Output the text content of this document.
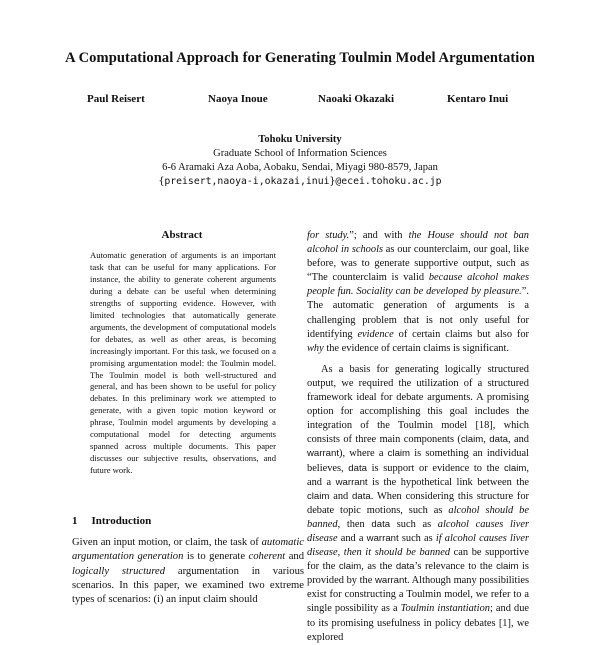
A Computational Approach for Generating Toulmin Model Argumentation
Paul Reisert	Naoya Inoue	Naoaki Okazaki	Kentaro Inui
Tohoku University
Graduate School of Information Sciences
6-6 Aramaki Aza Aoba, Aobaku, Sendai, Miyagi 980-8579, Japan
{preisert,naoya-i,okazai,inui}@ecei.tohoku.ac.jp
Abstract
Automatic generation of arguments is an important task that can be useful for many applications. For instance, the ability to generate coherent arguments during a debate can be useful when determining strengths of supporting evidence. However, with limited technologies that automatically generate arguments, the development of computational models for debates, as well as other areas, is becoming increasingly important. For this task, we focused on a promising argumentation model: the Toulmin model. The Toulmin model is both well-structured and general, and has been shown to be useful for policy debates. In this preliminary work we attempted to generate, with a given topic motion keyword or phrase, Toulmin model arguments by developing a computational model for detecting arguments spanned across multiple documents. This paper discusses our subjective results, observations, and future work.
1 Introduction
Given an input motion, or claim, the task of automatic argumentation generation is to generate coherent and logically structured argumentation in various scenarios. In this paper, we examined two extreme types of scenarios: (i) an input claim should

for study.”; and with the House should not ban alcohol in schools as our counterclaim, our goal, like before, was to generate supportive output, such as “The counterclaim is valid because alcohol makes people fun. Sociality can be developed by pleasure.”. The automatic generation of arguments is a challenging problem that is not only useful for identifying evidence of certain claims but also for why the evidence of certain claims is significant.

As a basis for generating logically structured output, we required the utilization of a structured framework ideal for debate arguments. A promising option for accomplishing this goal includes the integration of the Toulmin model [18], which consists of three main components (claim, data, and warrant), where a claim is something an individual believes, data is support or evidence to the claim, and a warrant is the hypothetical link between the claim and data. When considering this structure for debate topic motions, such as alcohol should be banned, then data such as alcohol causes liver disease and a warrant such as if alcohol causes liver disease, then it should be banned can be supportive for the claim, as the data’s relevance to the claim is provided by the warrant. Although many possibilities exist for constructing a Toulmin model, we refer to a single possibility as a Toulmin instantiation; and due to its promising usefulness in policy debates [1], we explored
